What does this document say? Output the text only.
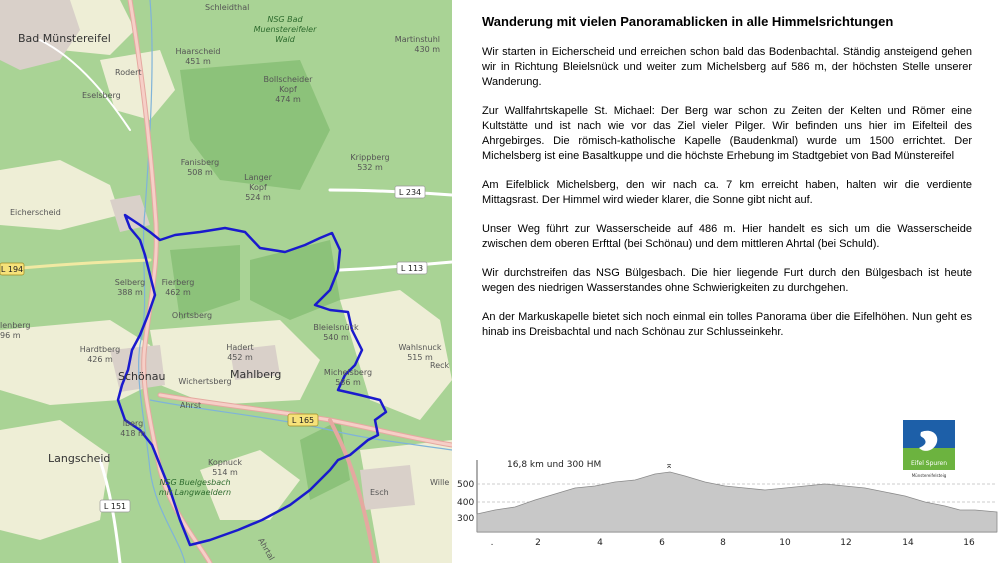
Bad Münstereifel
Schleidthal
NSG Bad
Muenstereifeler
Wald	Martinstuhl
430 m
Haarscheid
451 m
Rodert
Eselsberg
Bollscheider
Kopf
474 m
Fanisberg
508 m
Langer
Kopf
524 m
Krippberg
532 m
Eicherscheid
Selberg
388 m
Fierberg
462 m
Ohrtsberg
lenberg
96 m
Bleielsnück
540 m
Hardtberg
426 m
Hadert
452 m
Wahlsnuck
515 m
Schönau	Mahlberg	Michelsberg
586 m
Wichertsberg
Reck
Ahrst
lberg
418 m
Langscheid	Kopnuck
514 m
NSG Buelgesbach
mit Langwaeldern	Esch
Wille
Ahrtal
L 234
L 113
L 194
L 165
L 151
Wanderung mit vielen Panoramablicken in alle Himmelsrichtungen

Wir starten in Eicherscheid und erreichen schon bald das Bodenbachtal. Ständig ansteigend gehen wir in Richtung Bleielsnück und weiter zum Michelsberg auf 586 m, der höchsten Stelle unserer Wanderung.

Zur Wallfahrtskapelle St. Michael: Der Berg war schon zu Zeiten der Kelten und Römer eine Kultstätte und ist nach wie vor das Ziel vieler Pilger. Wir befinden uns hier im Eifelteil des Ahrgebirges. Die römisch-katholische Kapelle (Baudenkmal) wurde um 1500 errichtet. Der Michelsberg ist eine Basaltkuppe und die höchste Erhebung im Stadtgebiet von Bad Münstereifel

Am Eifelblick Michelsberg, den wir nach ca. 7 km erreicht haben, halten wir die verdiente Mittagsrast. Der Himmel wird wieder klarer, die Sonne gibt nicht auf.

Unser Weg führt zur Wasserscheide auf 486 m. Hier handelt es sich um die Wasserscheide zwischen dem oberen Erfttal (bei Schönau) und dem mittleren Ahrtal (bei Schuld).

Wir durchstreifen das NSG Bülgesbach. Die hier liegende Furt durch den Bülgesbach ist heute wegen des niedrigen Wasserstandes ohne Schwierigkeiten zu durchgehen.

An der Markuskapelle bietet sich noch einmal ein tolles Panorama über die Eifelhöhen. Nun geht es hinab ins Dreisbachtal und nach Schönau zur Schlusseinkehr.

Eifel Spuren
Münstereifelsteig
16,8 km und 300 HM
500
400
300
⌅
.	2	4	6	8	10	12	14	16
